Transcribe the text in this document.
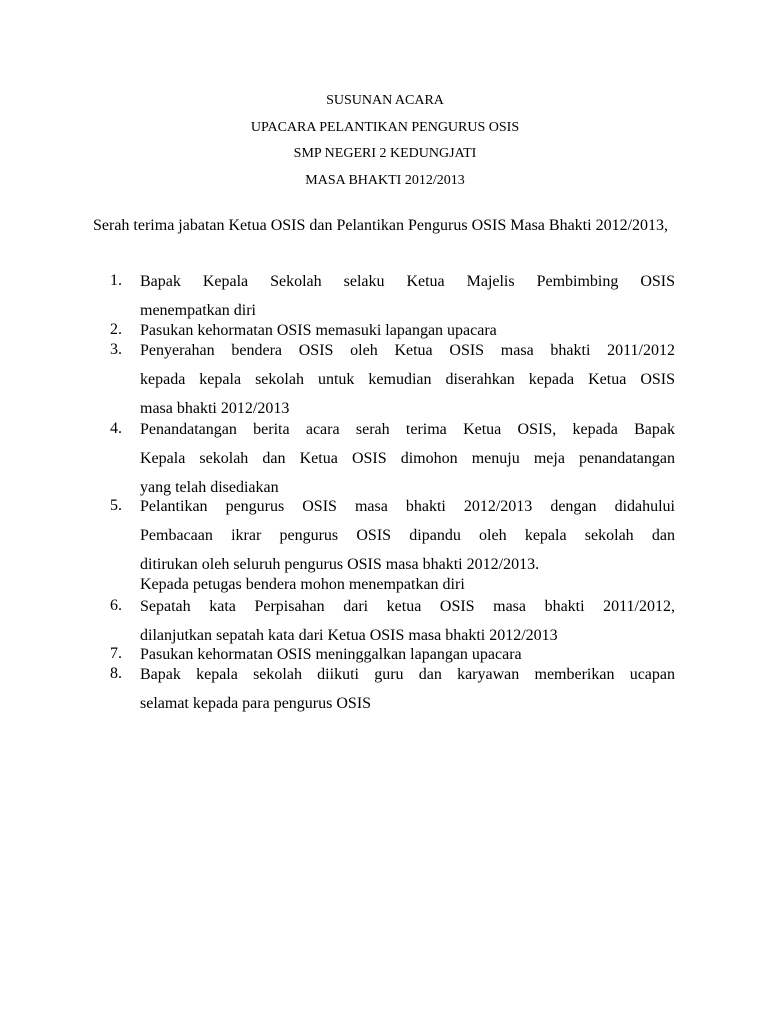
SUSUNAN ACARA
UPACARA PELANTIKAN PENGURUS OSIS
SMP NEGERI 2 KEDUNGJATI
MASA BHAKTI 2012/2013
Serah terima jabatan Ketua OSIS dan Pelantikan Pengurus OSIS Masa Bhakti 2012/2013,
1.	Bapak Kepala Sekolah selaku Ketua Majelis Pembimbing OSIS
menempatkan diri
2.	Pasukan kehormatan OSIS memasuki lapangan upacara
3.	Penyerahan bendera OSIS oleh Ketua OSIS masa bhakti 2011/2012
kepada kepala sekolah untuk kemudian diserahkan kepada Ketua OSIS
masa bhakti 2012/2013
4.	Penandatangan berita acara serah terima Ketua OSIS, kepada Bapak
Kepala sekolah dan Ketua OSIS dimohon menuju meja penandatangan
yang telah disediakan
5.	Pelantikan pengurus OSIS masa bhakti 2012/2013 dengan didahului
Pembacaan ikrar pengurus OSIS dipandu oleh kepala sekolah dan
ditirukan oleh seluruh pengurus OSIS masa bhakti 2012/2013.
Kepada petugas bendera mohon menempatkan diri
6.	Sepatah kata Perpisahan dari ketua OSIS masa bhakti 2011/2012,
dilanjutkan sepatah kata dari Ketua OSIS masa bhakti 2012/2013
7.	Pasukan kehormatan OSIS meninggalkan lapangan upacara
8.	Bapak kepala sekolah diikuti guru dan karyawan memberikan ucapan
selamat kepada para pengurus OSIS
